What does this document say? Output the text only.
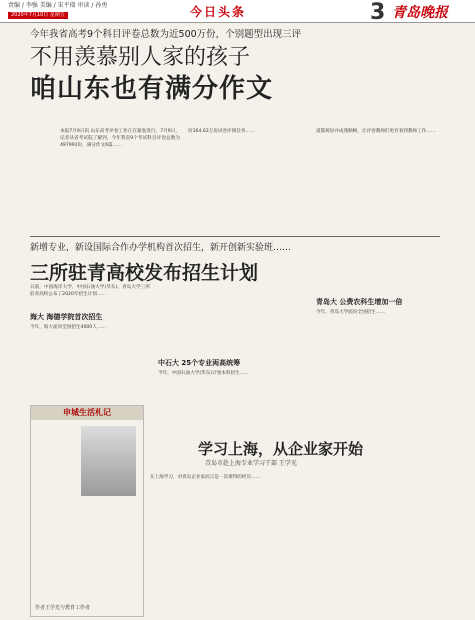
责编 / 李强 美编 / 宋平瑞 审读 / 孙勇
2020年7月10日 星期五	今日头条	3 青岛晚报
今年我省高考9个科目评卷总数为近500万份，个别题型出现三评
不用羡慕别人家的孩子
咱山东也有满分作文
本报7月9日讯 山东高考评卷工作正在紧张进行。7月9日，记者从省考试院了解到，今年我省9个考试科目评卷总数为497991份，满分作文6篇……
份164.63万份试卷评阅任务……	道都源泉并成熟顺畅，让评卷教师们更有看到教师工作……
新增专业，新设国际合作办学机构首次招生，新开创新实验班……
三所驻青高校发布招生计划
日前，中国海洋大学、中国石油大学(华东)、青岛大学三所驻青高校公布了2020年招生计划……
海大 海德学院首次招生
今年，海大面向全国招生4000人……
中石大 25个专业両高统筹
今年，中国石油大学(华东)计划本科招生……
青岛大 公费农科生增加一倍
今年，青岛大学面向全国招生……
申城生活札记
作者王学光与教育工作者
学习上海，从企业家开始
青岛市赴上海专业学习干部 王学光
在上海学习，对青岛企业家而言是一次难得的经历……
